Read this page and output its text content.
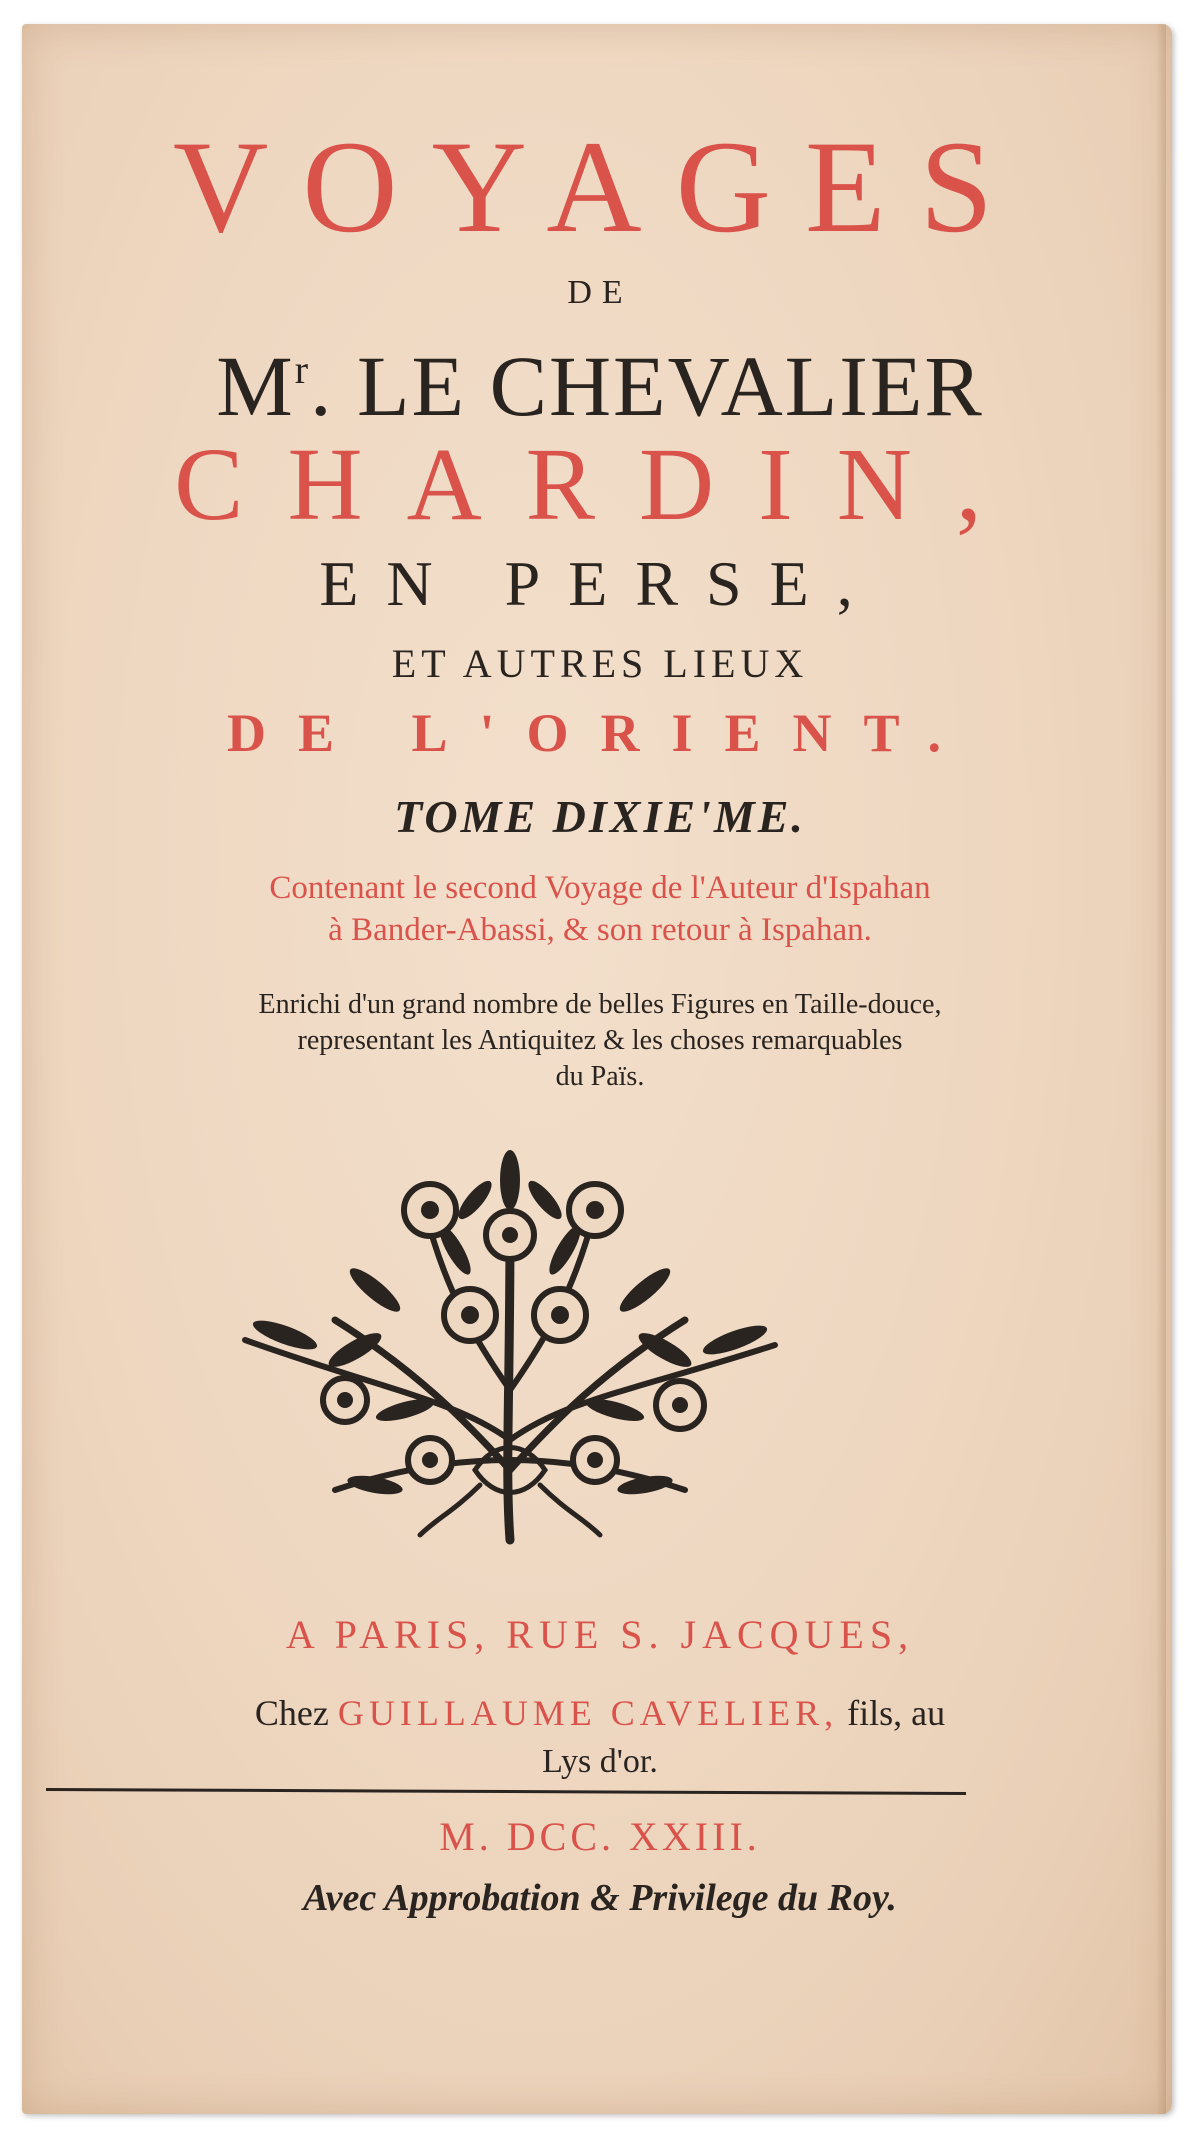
VOYAGES
DE
$M^r$. LE CHEVALIER
CHARDIN,
EN PERSE,
ET AUTRES LIEUX
DE L'ORIENT.
TOME DIXIE'ME.
Contenant le second Voyage de l'Auteur d'Ispahan
à Bander-Abassi, & son retour à Ispahan.
Enrichi d'un grand nombre de belles Figures en Taille-douce,
representant les Antiquitez & les choses remarquables
du Païs.
A PARIS, RUE S. JACQUES,
Chez GUILLAUME CAVELIER, fils, au
Lys d'or.
M. DCC. XXIII.
Avec Approbation & Privilege du Roy.
